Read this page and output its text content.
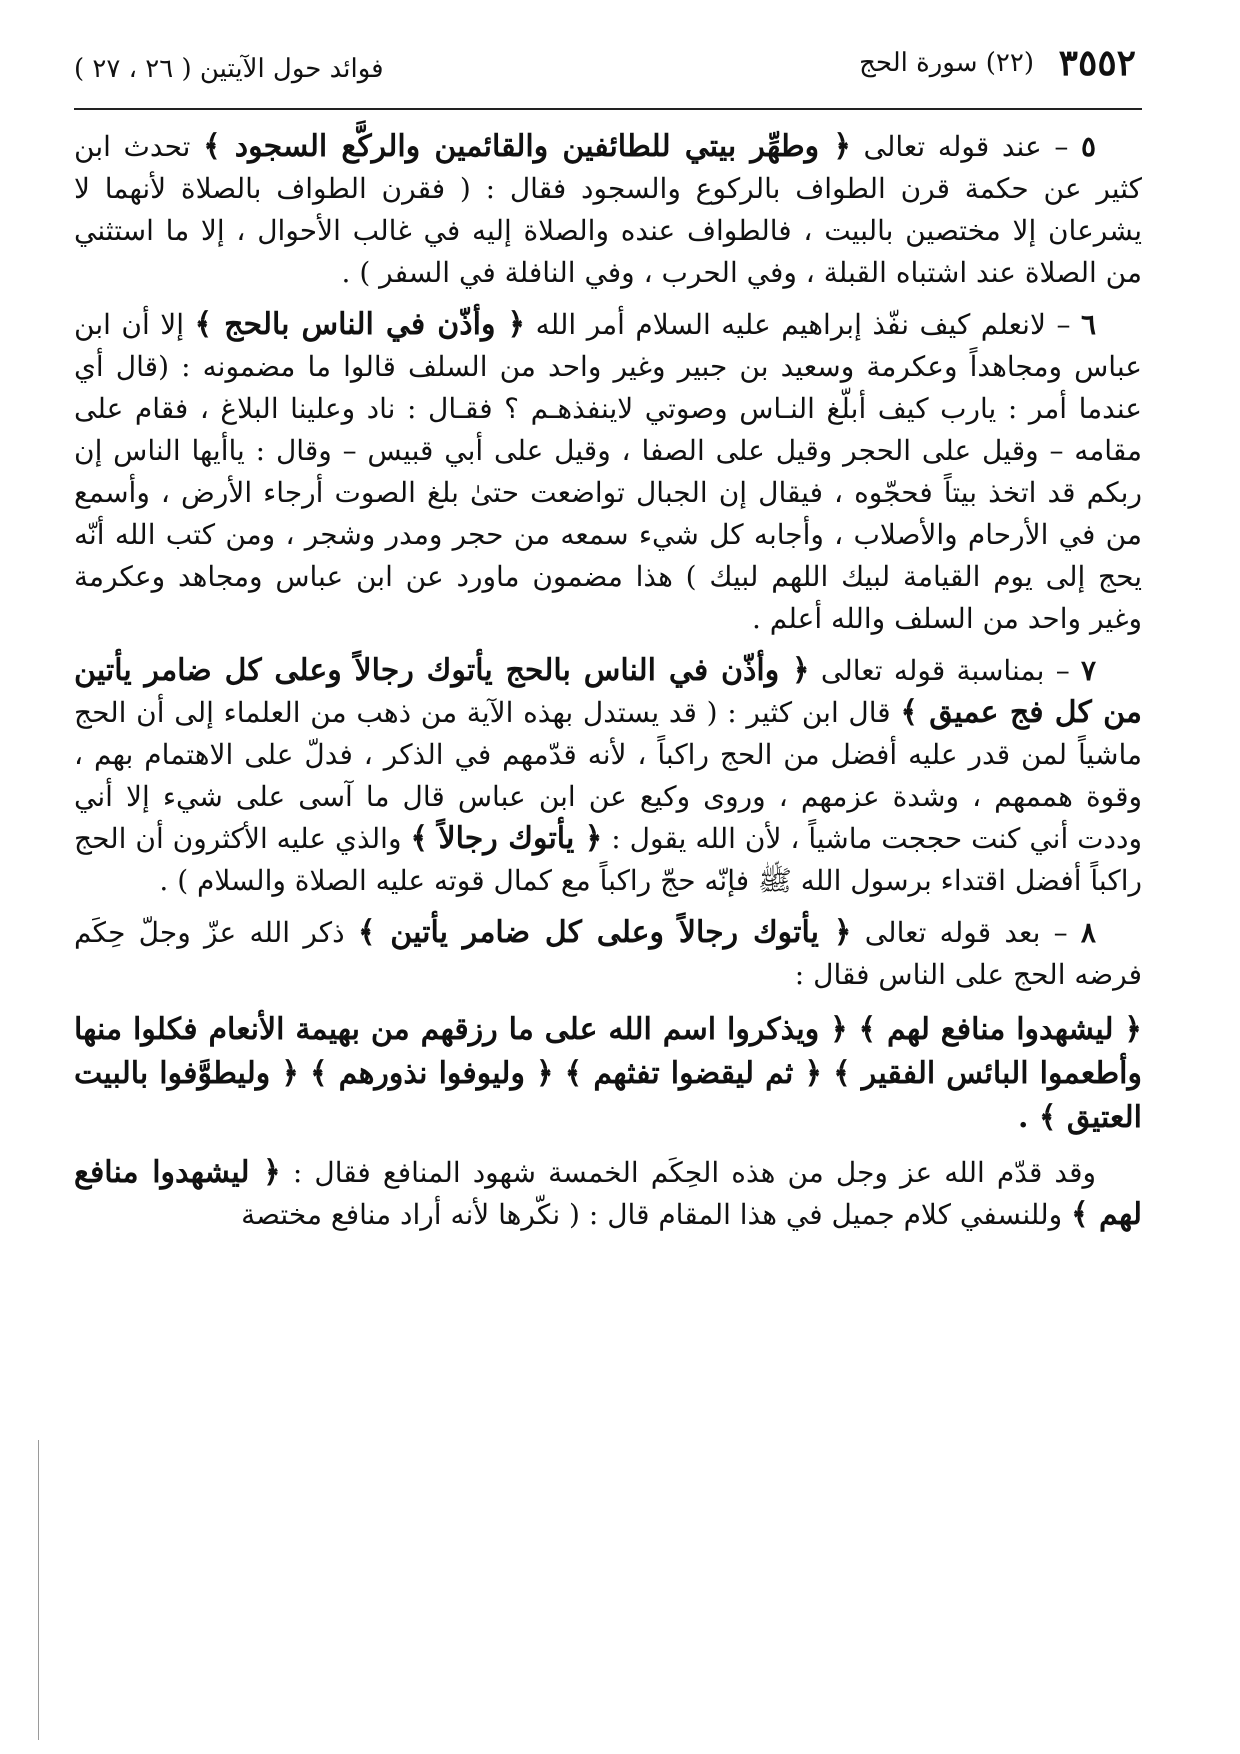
٣٥٥٢
(٢٢) سورة الحج
فوائد حول الآيتين ( ٢٦ ، ٢٧ )

٥ – عند قوله تعالى ﴿ وطهِّر بيتي للطائفين والقائمين والركَّع السجود ﴾ تحدث ابن كثير عن حكمة قرن الطواف بالركوع والسجود فقال : ( فقرن الطواف بالصلاة لأنهما لا يشرعان إلا مختصين بالبيت ، فالطواف عنده والصلاة إليه في غالب الأحوال ، إلا ما استثني من الصلاة عند اشتباه القبلة ، وفي الحرب ، وفي النافلة في السفر ) .

٦ – لانعلم كيف نفّذ إبراهيم عليه السلام أمر الله ﴿ وأذّن في الناس بالحج ﴾ إلا أن ابن عباس ومجاهداً وعكرمة وسعيد بن جبير وغير واحد من السلف قالوا ما مضمونه : (قال أي عندما أمر : يارب كيف أبلّغ النـاس وصوتي لاينفذهـم ؟ فقـال : ناد وعلينا البلاغ ، فقام على مقامه – وقيل على الحجر وقيل على الصفا ، وقيل على أبي قبيس – وقال : ياأيها الناس إن ربكم قد اتخذ بيتاً فحجّوه ، فيقال إن الجبال تواضعت حتىٰ بلغ الصوت أرجاء الأرض ، وأسمع من في الأرحام والأصلاب ، وأجابه كل شيء سمعه من حجر ومدر وشجر ، ومن كتب الله أنّه يحج إلى يوم القيامة لبيك اللهم لبيك ) هذا مضمون ماورد عن ابن عباس ومجاهد وعكرمة وغير واحد من السلف والله أعلم .

٧ – بمناسبة قوله تعالى ﴿ وأذّن في الناس بالحج يأتوك رجالاً وعلى كل ضامر يأتين من كل فج عميق ﴾ قال ابن كثير : ( قد يستدل بهذه الآية من ذهب من العلماء إلى أن الحج ماشياً لمن قدر عليه أفضل من الحج راكباً ، لأنه قدّمهم في الذكر ، فدلّ على الاهتمام بهم ، وقوة هممهم ، وشدة عزمهم ، وروى وكيع عن ابن عباس قال ما آسى على شيء إلا أني وددت أني كنت حججت ماشياً ، لأن الله يقول : ﴿ يأتوك رجالاً ﴾ والذي عليه الأكثرون أن الحج راكباً أفضل اقتداء برسول الله ﷺ فإنّه حجّ راكباً مع كمال قوته عليه الصلاة والسلام ) .

٨ – بعد قوله تعالى ﴿ يأتوك رجالاً وعلى كل ضامر يأتين ﴾ ذكر الله عزّ وجلّ حِكَم فرضه الحج على الناس فقال :

﴿ ليشهدوا منافع لهم ﴾ ﴿ ويذكروا اسم الله على ما رزقهم من بهيمة الأنعام فكلوا منها وأطعموا البائس الفقير ﴾ ﴿ ثم ليقضوا تفثهم ﴾ ﴿ وليوفوا نذورهم ﴾ ﴿ وليطوَّفوا بالبيت العتيق ﴾ .

وقد قدّم الله عز وجل من هذه الحِكَم الخمسة شهود المنافع فقال : ﴿ ليشهدوا منافع لهم ﴾ وللنسفي كلام جميل في هذا المقام قال : ( نكّرها لأنه أراد منافع مختصة
